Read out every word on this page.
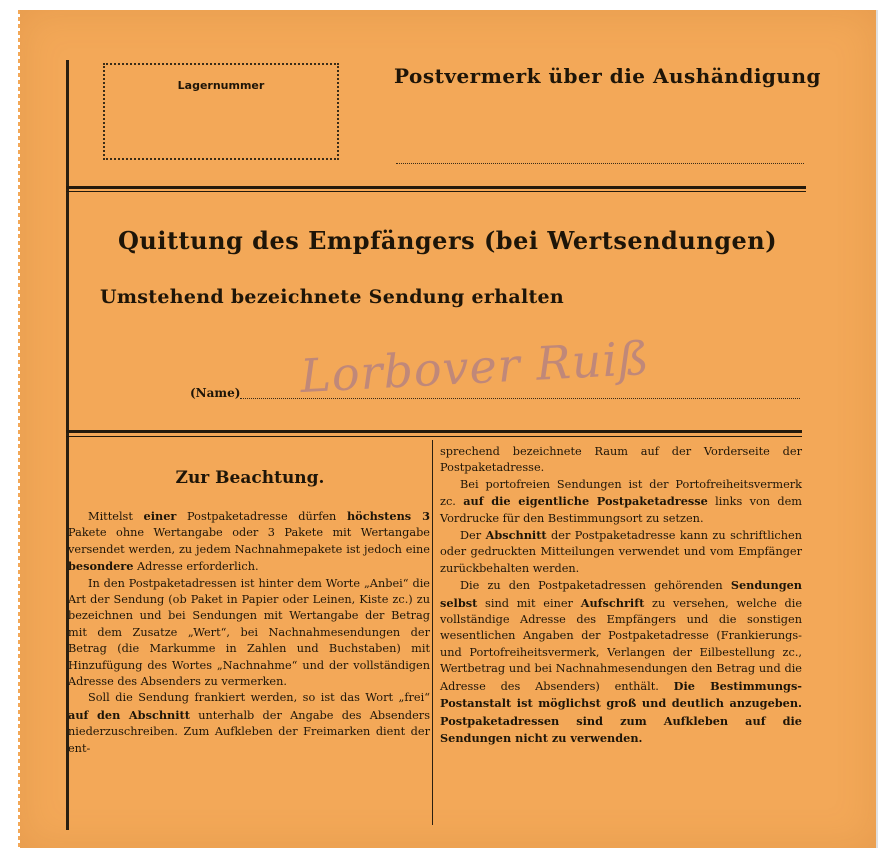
Lagernummer	Postvermerk über die Aushändigung
Quittung des Empfängers (bei Wertsendungen)
Umstehend bezeichnete Sendung erhalten
Lorbover Ruiß
(Name)
Zur Beachtung.

Mittelst einer Postpaketadresse dürfen höchstens 3 Pakete ohne Wertangabe oder 3 Pakete mit Wertangabe versendet werden, zu jedem Nachnahmepakete ist jedoch eine besondere Adresse erforderlich.

In den Postpaketadressen ist hinter dem Worte „Anbei“ die Art der Sendung (ob Paket in Papier oder Leinen, Kiste zc.) zu bezeichnen und bei Sendungen mit Wertangabe der Betrag mit dem Zusatze „Wert“, bei Nachnahmesendungen der Betrag (die Markumme in Zahlen und Buchstaben) mit Hinzufügung des Wortes „Nachnahme“ und der vollständigen Adresse des Absenders zu vermerken.

Soll die Sendung frankiert werden, so ist das Wort „frei“ auf den Abschnitt unterhalb der Angabe des Absenders niederzuschreiben. Zum Aufkleben der Freimarken dient der ent-

sprechend bezeichnete Raum auf der Vorderseite der Postpaketadresse.

Bei portofreien Sendungen ist der Portofreiheitsvermerk zc. auf die eigentliche Postpaketadresse links von dem Vordrucke für den Bestimmungsort zu setzen.

Der Abschnitt der Postpaketadresse kann zu schriftlichen oder gedruckten Mitteilungen verwendet und vom Empfänger zurückbehalten werden.

Die zu den Postpaketadressen gehörenden Sendungen selbst sind mit einer Aufschrift zu versehen, welche die vollständige Adresse des Empfängers und die sonstigen wesentlichen Angaben der Postpaketadresse (Frankierungs- und Portofreiheitsvermerk, Verlangen der Eilbestellung zc., Wertbetrag und bei Nachnahmesendungen den Betrag und die Adresse des Absenders) enthält. Die Bestimmungs-Postanstalt ist möglichst groß und deutlich anzugeben. Postpaketadressen sind zum Aufkleben auf die Sendungen nicht zu verwenden.
